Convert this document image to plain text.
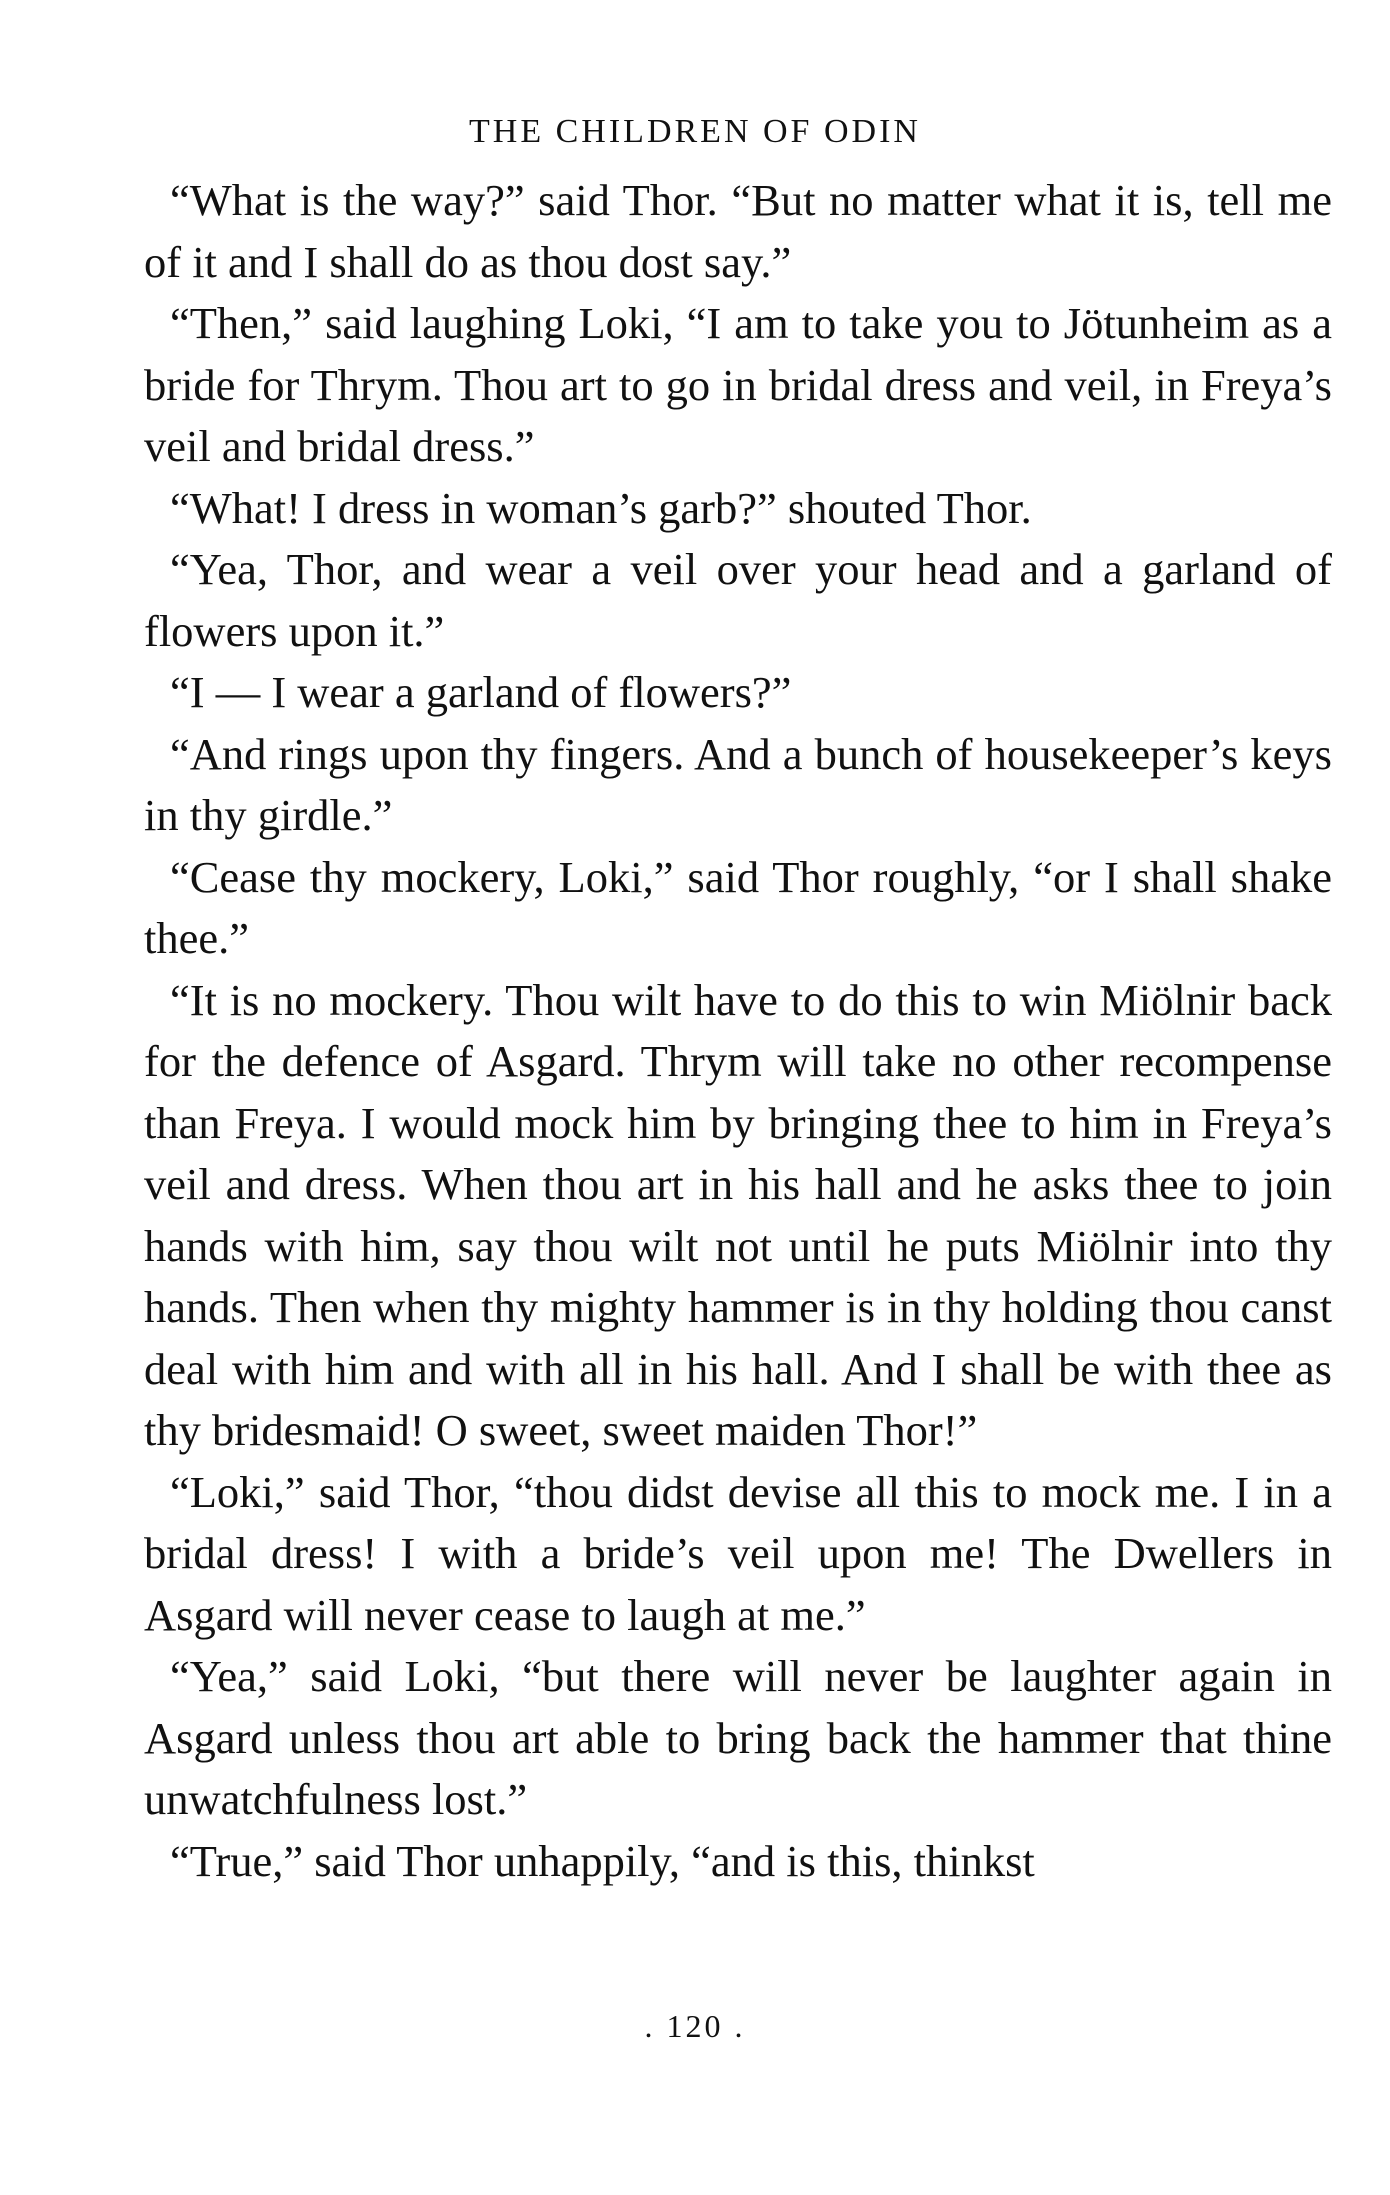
THE CHILDREN OF ODIN

“What is the way?” said Thor. “But no matter what it is, tell me of it and I shall do as thou dost say.”

“Then,” said laughing Loki, “I am to take you to Jötunheim as a bride for Thrym. Thou art to go in bridal dress and veil, in Freya’s veil and bridal dress.”

“What! I dress in woman’s garb?” shouted Thor.

“Yea, Thor, and wear a veil over your head and a garland of flowers upon it.”

“I — I wear a garland of flowers?”

“And rings upon thy fingers. And a bunch of housekeeper’s keys in thy girdle.”

“Cease thy mockery, Loki,” said Thor roughly, “or I shall shake thee.”

“It is no mockery. Thou wilt have to do this to win Miölnir back for the defence of Asgard. Thrym will take no other recompense than Freya. I would mock him by bringing thee to him in Freya’s veil and dress. When thou art in his hall and he asks thee to join hands with him, say thou wilt not until he puts Miölnir into thy hands. Then when thy mighty hammer is in thy holding thou canst deal with him and with all in his hall. And I shall be with thee as thy bridesmaid! O sweet, sweet maiden Thor!”

“Loki,” said Thor, “thou didst devise all this to mock me. I in a bridal dress! I with a bride’s veil upon me! The Dwellers in Asgard will never cease to laugh at me.”

“Yea,” said Loki, “but there will never be laughter again in Asgard unless thou art able to bring back the hammer that thine unwatchfulness lost.”

“True,” said Thor unhappily, “and is this, thinkst

. 120 .
